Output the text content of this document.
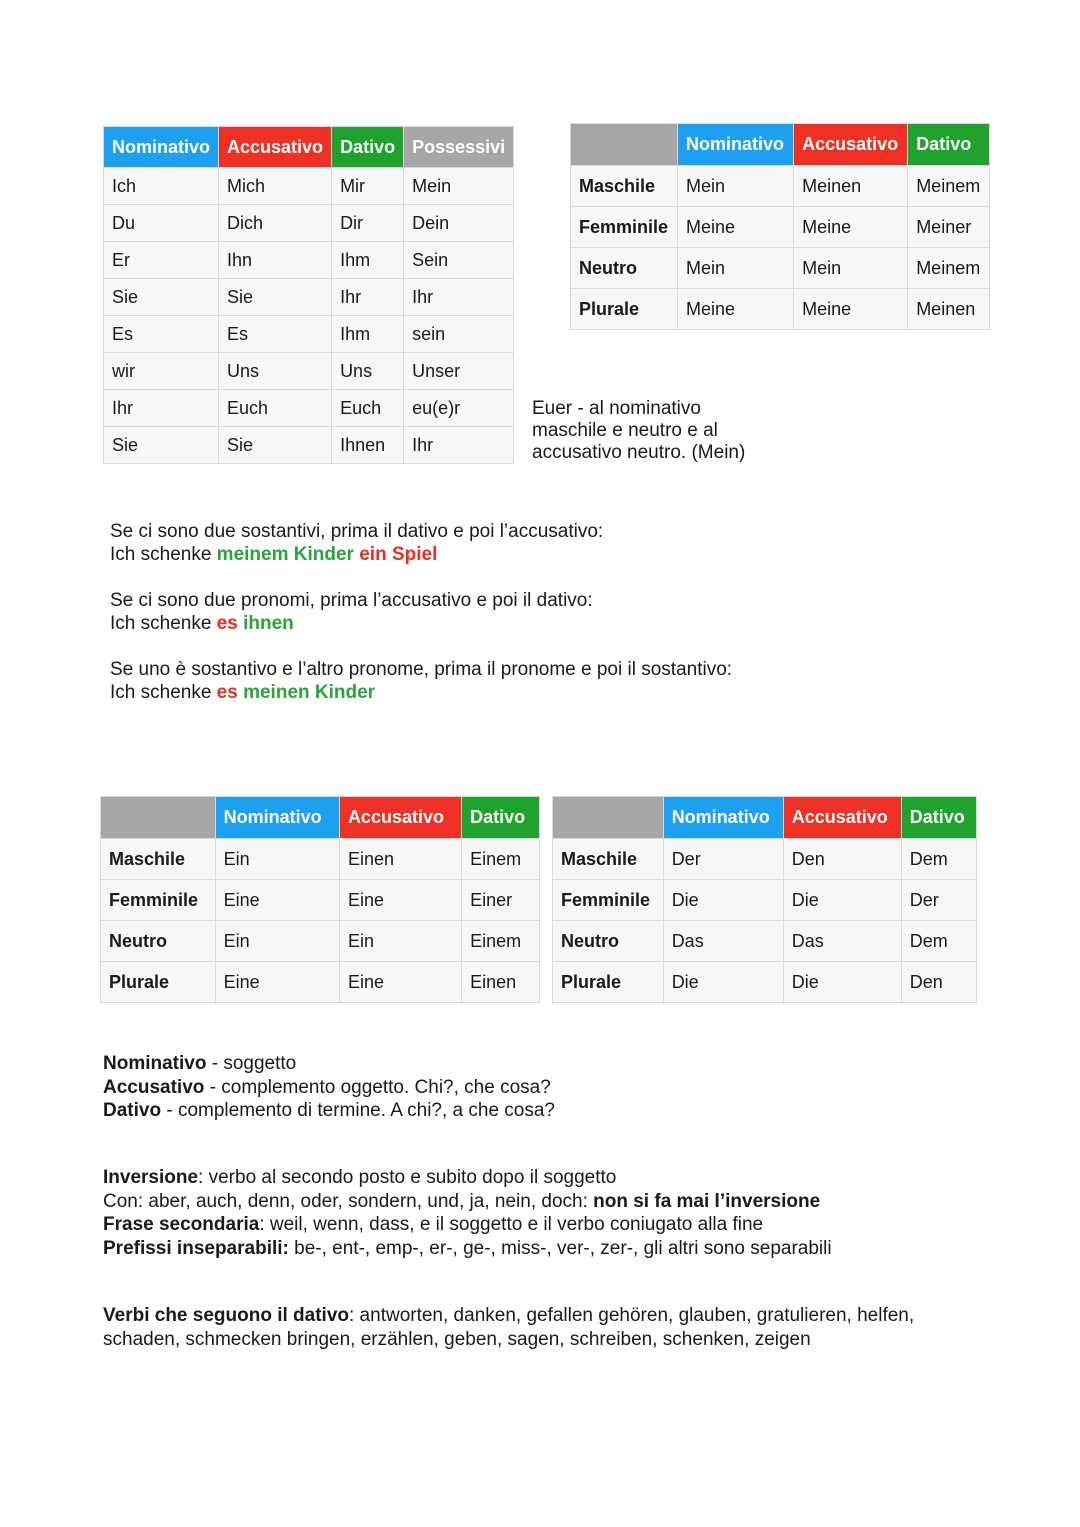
Nominativo	Accusativo	Dativo	Possessivi
Ich	Mich	Mir	Mein
Du	Dich	Dir	Dein
Er	Ihn	Ihm	Sein
Sie	Sie	Ihr	Ihr
Es	Es	Ihm	sein
wir	Uns	Uns	Unser
Ihr	Euch	Euch	eu(e)r
Sie	Sie	Ihnen	Ihr
	Nominativo	Accusativo	Dativo
Maschile	Mein	Meinen	Meinem
Femminile	Meine	Meine	Meiner
Neutro	Mein	Mein	Meinem
Plurale	Meine	Meine	Meinen
Euer - al nominativo
maschile e neutro e al
accusativo neutro. (Mein)
Se ci sono due sostantivi, prima il dativo e poi l’accusativo:
Ich schenke meinem Kinder ein Spiel
Se ci sono due pronomi, prima l’accusativo e poi il dativo:
Ich schenke es ihnen
Se uno è sostantivo e l’altro pronome, prima il pronome e poi il sostantivo:
Ich schenke es meinen Kinder
	Nominativo	Accusativo	Dativo
Maschile	Ein	Einen	Einem
Femminile	Eine	Eine	Einer
Neutro	Ein	Ein	Einem
Plurale	Eine	Eine	Einen
	Nominativo	Accusativo	Dativo
Maschile	Der	Den	Dem
Femminile	Die	Die	Der
Neutro	Das	Das	Dem
Plurale	Die	Die	Den
Nominativo - soggetto
Accusativo - complemento oggetto. Chi?, che cosa?
Dativo - complemento di termine. A chi?, a che cosa?
Inversione: verbo al secondo posto e subito dopo il soggetto
Con: aber, auch, denn, oder, sondern, und, ja, nein, doch: non si fa mai l’inversione
Frase secondaria: weil, wenn, dass, e il soggetto e il verbo coniugato alla fine
Prefissi inseparabili: be-, ent-, emp-, er-, ge-, miss-, ver-, zer-, gli altri sono separabili
Verbi che seguono il dativo: antworten, danken, gefallen gehören, glauben, gratulieren, helfen,
schaden, schmecken bringen, erzählen, geben, sagen, schreiben, schenken, zeigen
